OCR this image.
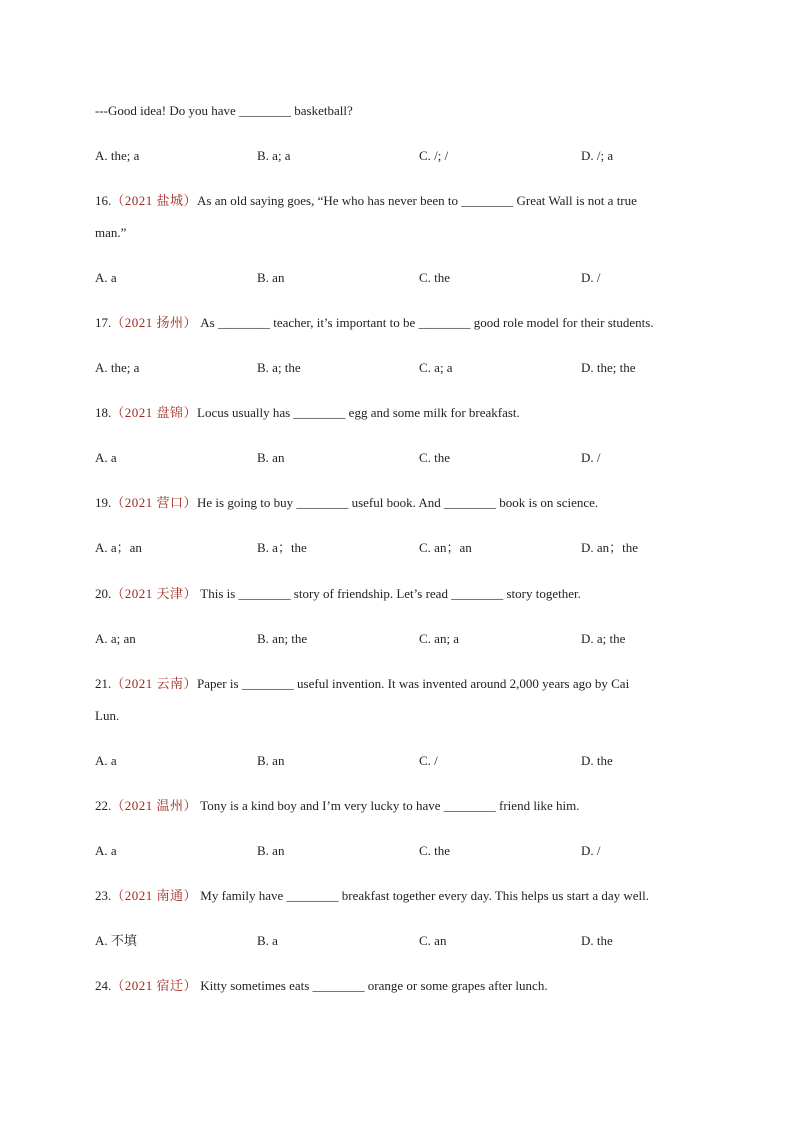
---Good idea! Do you have ________ basketball?
A. the; a	B. a; a	C. /; /	D. /; a
16.（2021 盐城）As an old saying goes, “He who has never been to ________ Great Wall is not a true
man.”
A. a	B. an	C. the	D. /
17.（2021 扬州） As ________ teacher, it’s important to be ________ good role model for their students.
A. the; a	B. a; the	C. a; a	D. the; the
18.（2021 盘锦）Locus usually has ________ egg and some milk for breakfast.
A. a	B. an	C. the	D. /
19.（2021 营口）He is going to buy ________ useful book. And ________ book is on science.
A. a；an	B. a；the	C. an；an	D. an；the
20.（2021 天津） This is ________ story of friendship. Let’s read ________ story together.
A. a; an	B. an; the	C. an; a	D. a; the
21.（2021 云南）Paper is ________ useful invention. It was invented around 2,000 years ago by Cai
Lun.
A. a	B. an	C. /	D. the
22.（2021 温州） Tony is a kind boy and I’m very lucky to have ________ friend like him.
A. a	B. an	C. the	D. /
23.（2021 南通） My family have ________ breakfast together every day. This helps us start a day well.
A. 不填	B. a	C. an	D. the
24.（2021 宿迁） Kitty sometimes eats ________ orange or some grapes after lunch.
